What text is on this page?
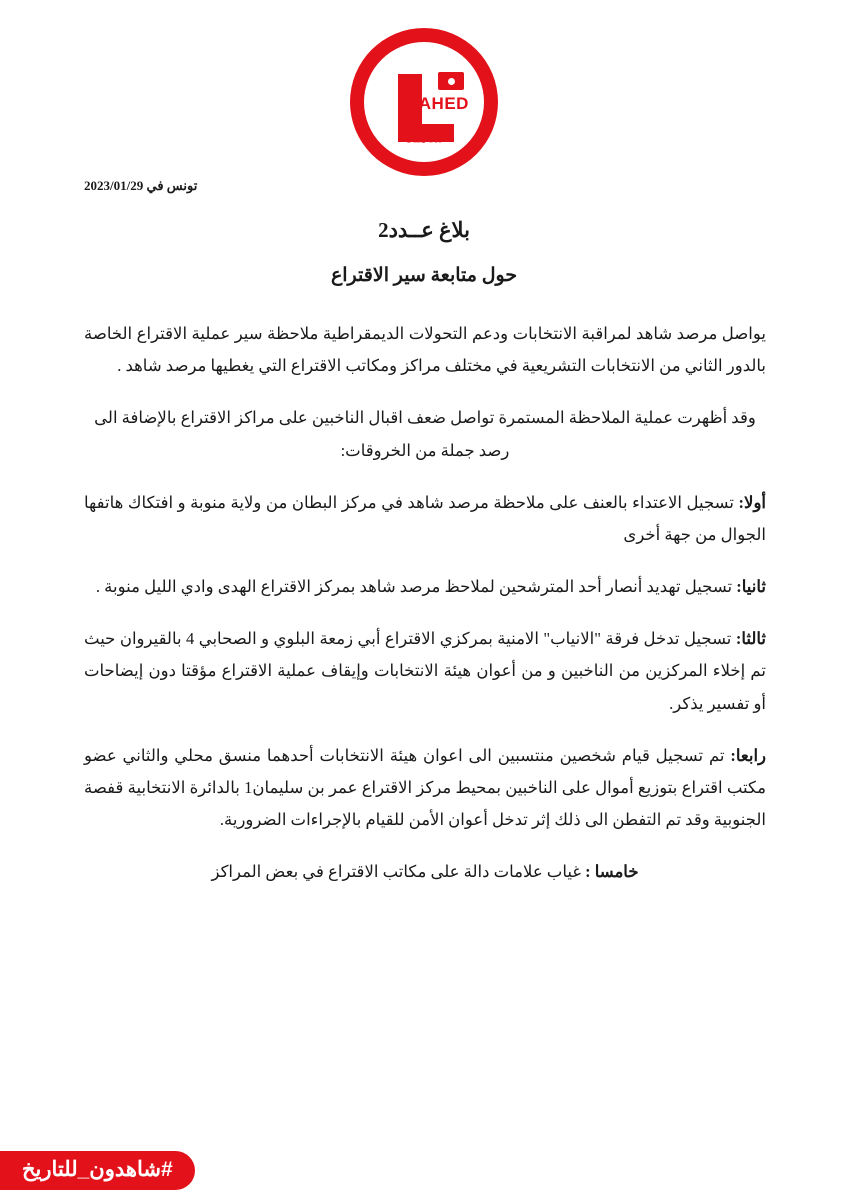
HAHED
شاهـد
تونس في 2023/01/29
بلاغ عــدد2
حول متابعة سير الاقتراع

يواصل مرصد شاهد لمراقبة الانتخابات ودعم التحولات الديمقراطية ملاحظة سير عملية الاقتراع الخاصة بالدور الثاني من الانتخابات التشريعية في مختلف مراكز ومكاتب الاقتراع التي يغطيها مرصد شاهد .

وقد أظهرت عملية الملاحظة المستمرة تواصل ضعف اقبال الناخبين على مراكز الاقتراع بالإضافة الى رصد جملة من الخروقات:

أولا: تسجيل الاعتداء بالعنف على ملاحظة مرصد شاهد في مركز البطان من ولاية منوبة و افتكاك هاتفها الجوال من جهة أخرى

ثانيا: تسجيل تهديد أنصار أحد المترشحين لملاحظ مرصد شاهد بمركز الاقتراع الهدى وادي الليل منوبة .

ثالثا: تسجيل تدخل فرقة "الانياب" الامنية بمركزي الاقتراع أبي زمعة البلوي و الصحابي 4 بالقيروان حيث تم إخلاء المركزين من الناخبين و من أعوان هيئة الانتخابات وإيقاف عملية الاقتراع مؤقتا دون إيضاحات أو تفسير يذكر.

رابعا: تم تسجيل قيام شخصين منتسبين الى اعوان هيئة الانتخابات أحدهما منسق محلي والثاني عضو مكتب اقتراع بتوزيع أموال على الناخبين بمحيط مركز الاقتراع عمر بن سليمان1 بالدائرة الانتخابية قفصة الجنوبية وقد تم التفطن الى ذلك إثر تدخل أعوان الأمن للقيام بالإجراءات الضرورية.

خامسا : غياب علامات دالة على مكاتب الاقتراع في بعض المراكز

#شاهدون_للتاريخ
